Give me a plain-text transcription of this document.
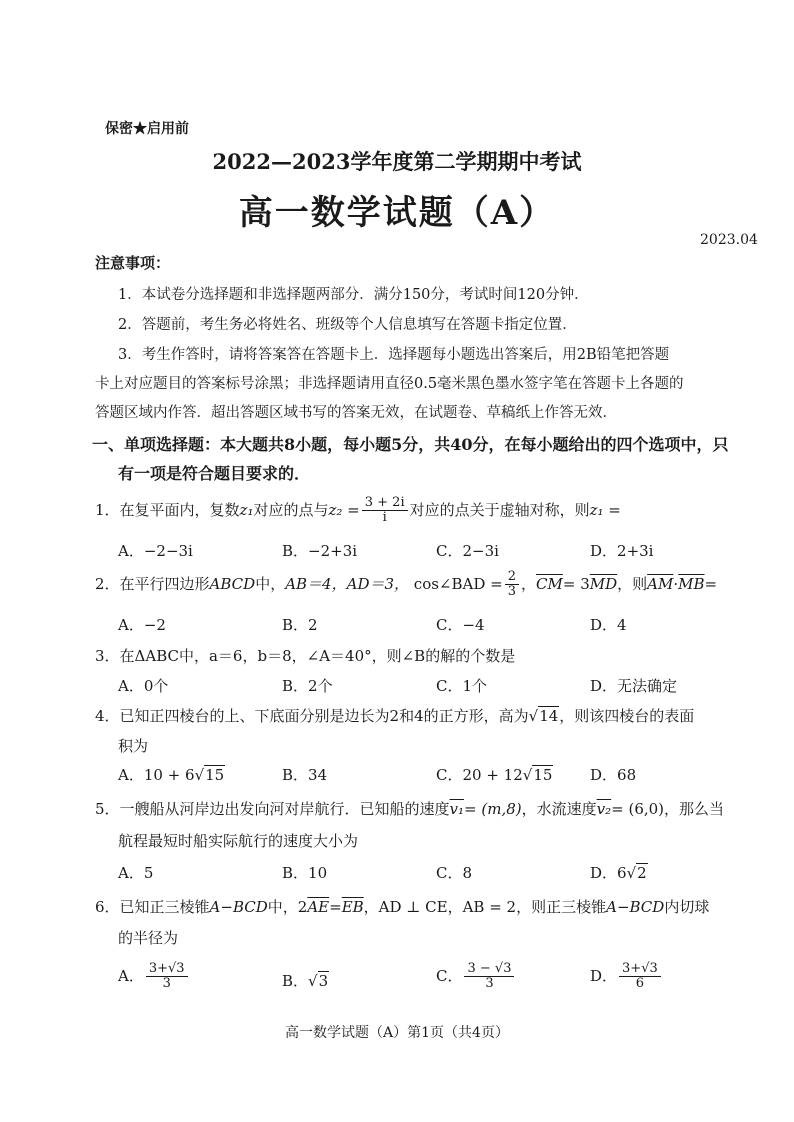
保密★启用前
2022—2023学年度第二学期期中考试
高一数学试题（A）
2023.04
注意事项：
1．本试卷分选择题和非选择题两部分．满分150分，考试时间120分钟．
2．答题前，考生务必将姓名、班级等个人信息填写在答题卡指定位置．
3．考生作答时，请将答案答在答题卡上．选择题每小题选出答案后，用2B铅笔把答题
卡上对应题目的答案标号涂黑；非选择题请用直径0.5毫米黑色墨水签字笔在答题卡上各题的
答题区域内作答．超出答题区域书写的答案无效，在试题卷、草稿纸上作答无效．
一、单项选择题：本大题共8小题，每小题5分，共40分，在每小题给出的四个选项中，只
有一项是符合题目要求的．
1．在复平面内，复数z₁对应的点与$z_2 = \frac{3 + 2i}{i}$ 对应的点关于虚轴对称，则z₁ =
A．−2−3i	B．−2+3i	C．2−3i	D．2+3i
2．在平行四边形ABCD中，AB＝4，AD＝3， cos∠BAD = $\frac{2}{3}$ ，$\overline{CM}= 3\overline{MD}$，则$\overline{AM}\cdot\overline{MB}=$
A．−2	B．2	C．−4	D．4
3．在ΔABC中，a＝6，b＝8，∠A＝40°，则∠B的解的个数是
A．0个	B．2个	C．1个	D．无法确定
4．已知正四棱台的上、下底面分别是边长为2和4的正方形，高为√14，则该四棱台的表面
积为
A．10 + 6√15	B．34	C．20 + 12√15	D．68
5．一艘船从河岸边出发向河对岸航行．已知船的速度v₁= (m,8)，水流速度v₂= (6,0)，那么当
航程最短时船实际航行的速度大小为
A．5	B．10	C．8	D．6√2
6．已知正三棱锥A−BCD中，$2\overline{AE}=\overline{EB}$，AD ⊥ CE，AB = 2，则正三棱锥A−BCD内切球
的半径为
A． $\frac{3+√3}{3}$	B．√3	C． $\frac{3 - √3}{3}$	D． $\frac{3+√3}{6}$
高一数学试题（A）第1页（共4页）
